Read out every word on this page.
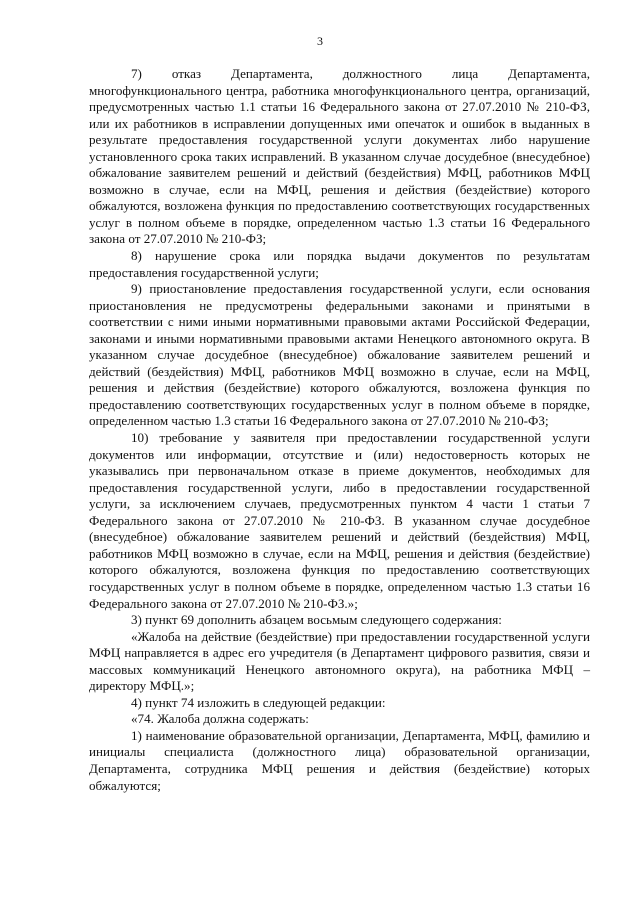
3

7) отказ Департамента, должностного лица Департамента, многофункционального центра, работника многофункционального центра, организаций, предусмотренных частью 1.1 статьи 16 Федерального закона от 27.07.2010 № 210-ФЗ, или их работников в исправлении допущенных ими опечаток и ошибок в выданных в результате предоставления государственной услуги документах либо нарушение установленного срока таких исправлений. В указанном случае досудебное (внесудебное) обжалование заявителем решений и действий (бездействия) МФЦ, работников МФЦ возможно в случае, если на МФЦ, решения и действия (бездействие) которого обжалуются, возложена функция по предоставлению соответствующих государственных услуг в полном объеме в порядке, определенном частью 1.3 статьи 16 Федерального закона от 27.07.2010 № 210-ФЗ;

8) нарушение срока или порядка выдачи документов по результатам предоставления государственной услуги;

9) приостановление предоставления государственной услуги, если основания приостановления не предусмотрены федеральными законами и принятыми в соответствии с ними иными нормативными правовыми актами Российской Федерации, законами и иными нормативными правовыми актами Ненецкого автономного округа. В указанном случае досудебное (внесудебное) обжалование заявителем решений и действий (бездействия) МФЦ, работников МФЦ возможно в случае, если на МФЦ, решения и действия (бездействие) которого обжалуются, возложена функция по предоставлению соответствующих государственных услуг в полном объеме в порядке, определенном частью 1.3 статьи 16 Федерального закона от 27.07.2010 № 210-ФЗ;

10) требование у заявителя при предоставлении государственной услуги документов или информации, отсутствие и (или) недостоверность которых не указывались при первоначальном отказе в приеме документов, необходимых для предоставления государственной услуги, либо в предоставлении государственной услуги, за исключением случаев, предусмотренных пунктом 4 части 1 статьи 7 Федерального закона от 27.07.2010 № 210-ФЗ. В указанном случае досудебное (внесудебное) обжалование заявителем решений и действий (бездействия) МФЦ, работников МФЦ возможно в случае, если на МФЦ, решения и действия (бездействие) которого обжалуются, возложена функция по предоставлению соответствующих государственных услуг в полном объеме в порядке, определенном частью 1.3 статьи 16 Федерального закона от 27.07.2010 № 210-ФЗ.»;

3) пункт 69 дополнить абзацем восьмым следующего содержания:

«Жалоба на действие (бездействие) при предоставлении государственной услуги МФЦ направляется в адрес его учредителя (в Департамент цифрового развития, связи и массовых коммуникаций Ненецкого автономного округа), на работника МФЦ – директору МФЦ.»;

4) пункт 74 изложить в следующей редакции:

«74. Жалоба должна содержать:

1) наименование образовательной организации, Департамента, МФЦ, фамилию и инициалы специалиста (должностного лица) образовательной организации, Департамента, сотрудника МФЦ решения и действия (бездействие) которых обжалуются;
